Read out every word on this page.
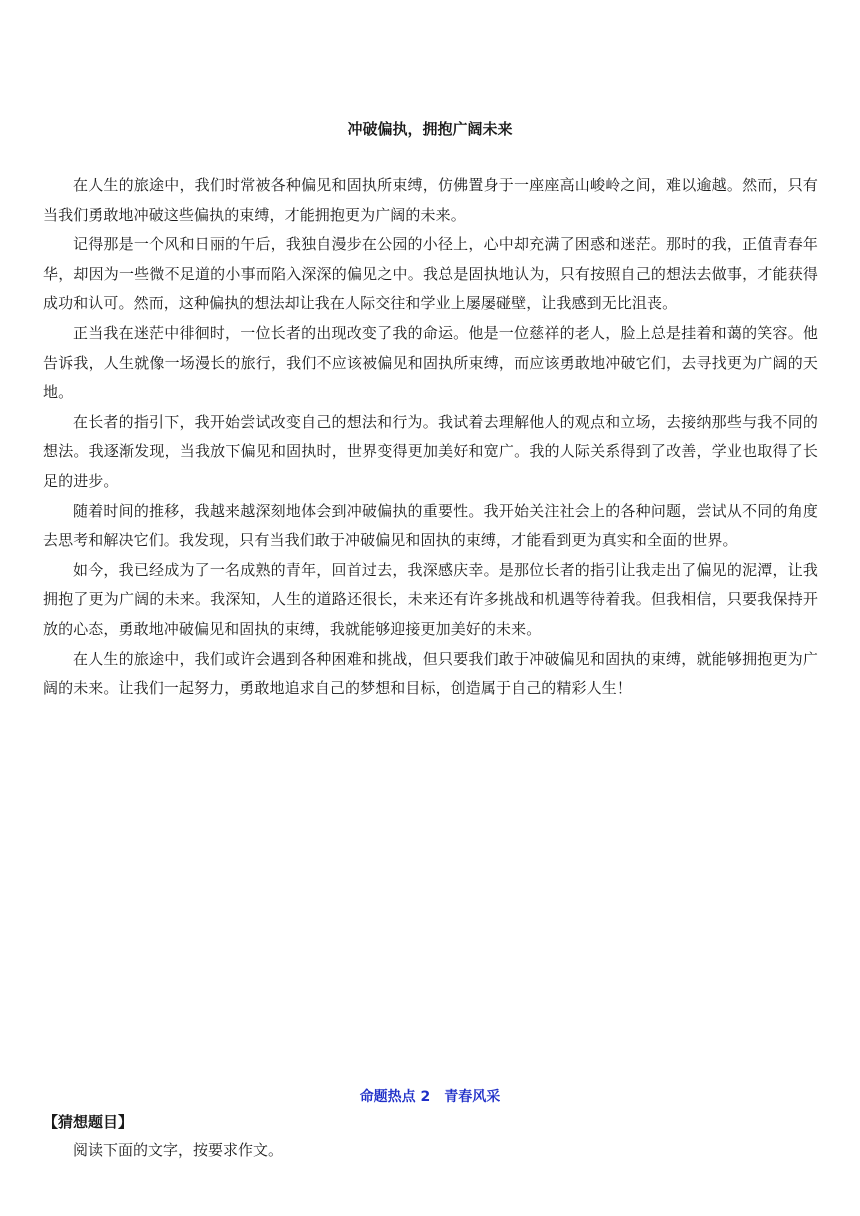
冲破偏执，拥抱广阔未来

在人生的旅途中，我们时常被各种偏见和固执所束缚，仿佛置身于一座座高山峻岭之间，难以逾越。然而，只有当我们勇敢地冲破这些偏执的束缚，才能拥抱更为广阔的未来。

记得那是一个风和日丽的午后，我独自漫步在公园的小径上，心中却充满了困惑和迷茫。那时的我，正值青春年华，却因为一些微不足道的小事而陷入深深的偏见之中。我总是固执地认为，只有按照自己的想法去做事，才能获得成功和认可。然而，这种偏执的想法却让我在人际交往和学业上屡屡碰壁，让我感到无比沮丧。

正当我在迷茫中徘徊时，一位长者的出现改变了我的命运。他是一位慈祥的老人，脸上总是挂着和蔼的笑容。他告诉我，人生就像一场漫长的旅行，我们不应该被偏见和固执所束缚，而应该勇敢地冲破它们，去寻找更为广阔的天地。

在长者的指引下，我开始尝试改变自己的想法和行为。我试着去理解他人的观点和立场，去接纳那些与我不同的想法。我逐渐发现，当我放下偏见和固执时，世界变得更加美好和宽广。我的人际关系得到了改善，学业也取得了长足的进步。

随着时间的推移，我越来越深刻地体会到冲破偏执的重要性。我开始关注社会上的各种问题，尝试从不同的角度去思考和解决它们。我发现，只有当我们敢于冲破偏见和固执的束缚，才能看到更为真实和全面的世界。

如今，我已经成为了一名成熟的青年，回首过去，我深感庆幸。是那位长者的指引让我走出了偏见的泥潭，让我拥抱了更为广阔的未来。我深知，人生的道路还很长，未来还有许多挑战和机遇等待着我。但我相信，只要我保持开放的心态，勇敢地冲破偏见和固执的束缚，我就能够迎接更加美好的未来。

在人生的旅途中，我们或许会遇到各种困难和挑战，但只要我们敢于冲破偏见和固执的束缚，就能够拥抱更为广阔的未来。让我们一起努力，勇敢地追求自己的梦想和目标，创造属于自己的精彩人生！

命题热点 2　青春风采
【猜想题目】
阅读下面的文字，按要求作文。
